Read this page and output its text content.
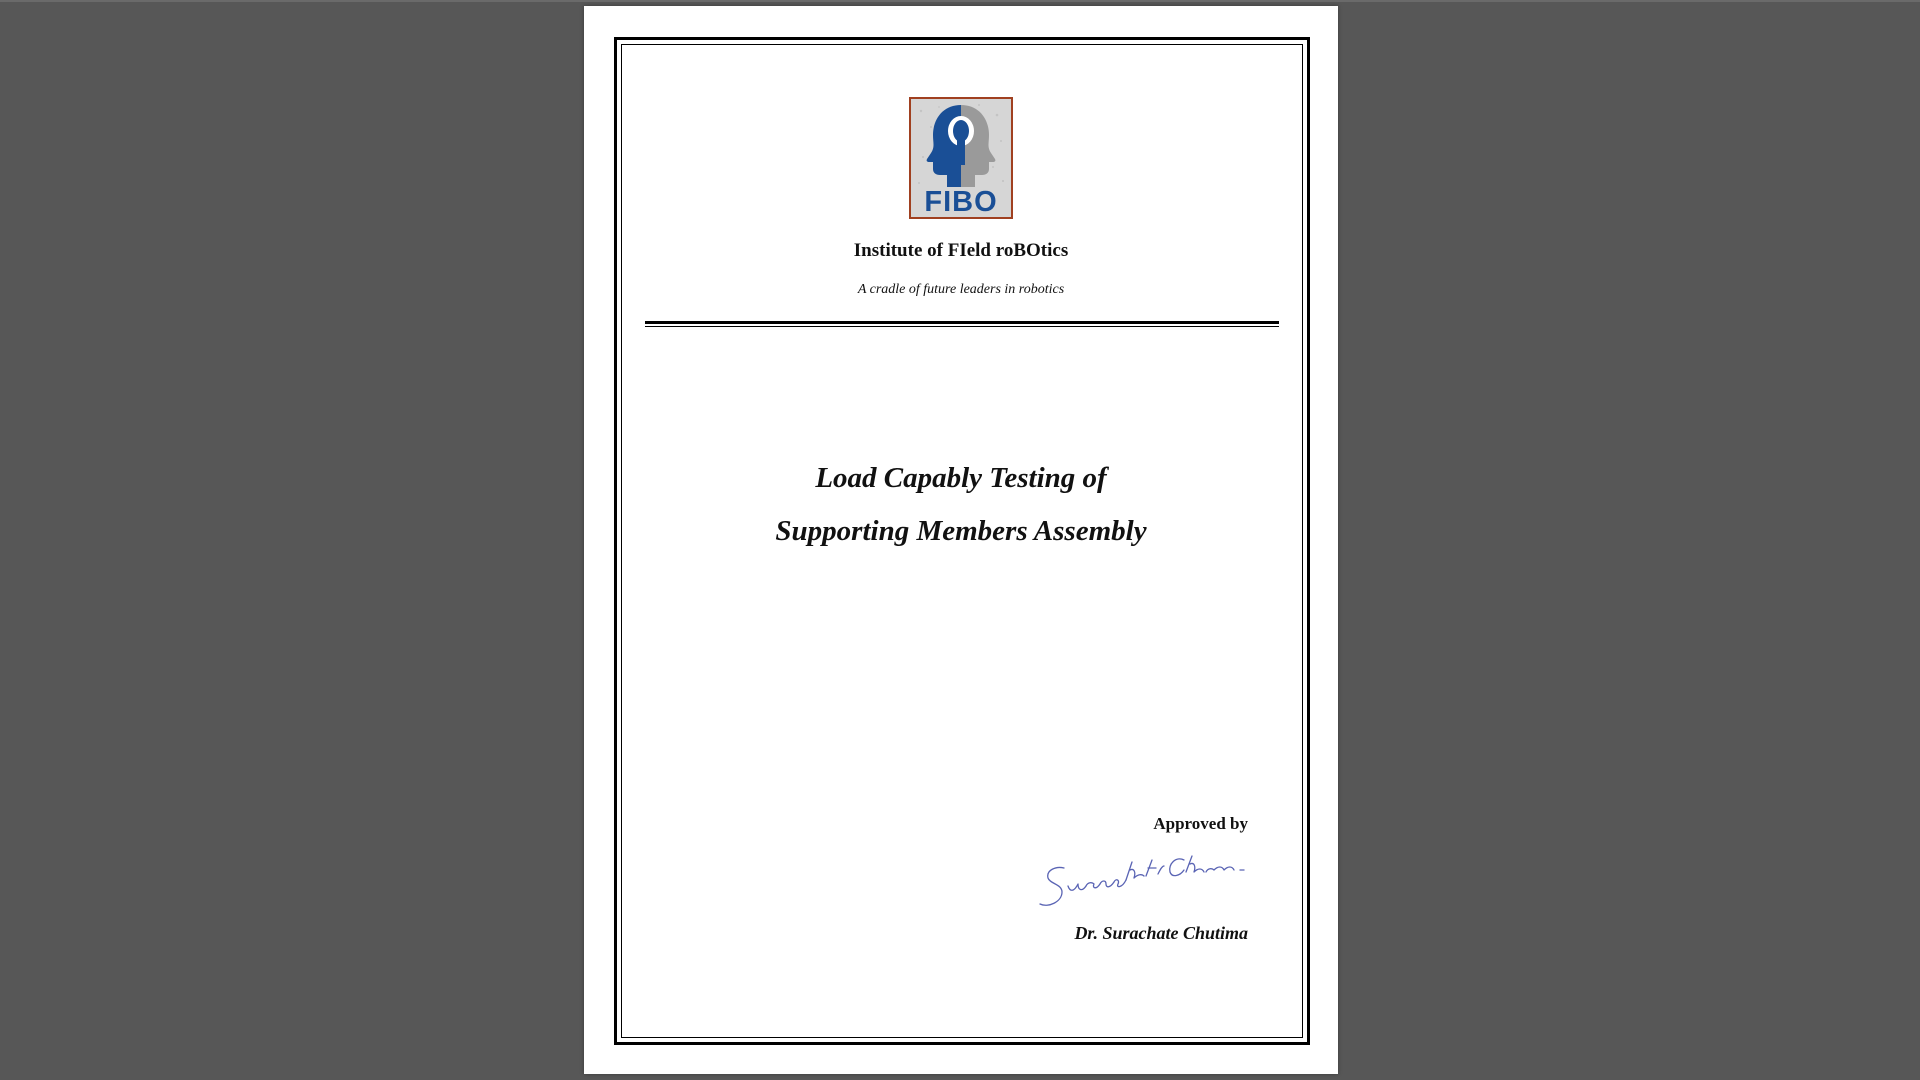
FIBO
Institute of FIeld roBOtics
A cradle of future leaders in robotics
Load Capably Testing of
Supporting Members Assembly
Approved by
Dr. Surachate Chutima
